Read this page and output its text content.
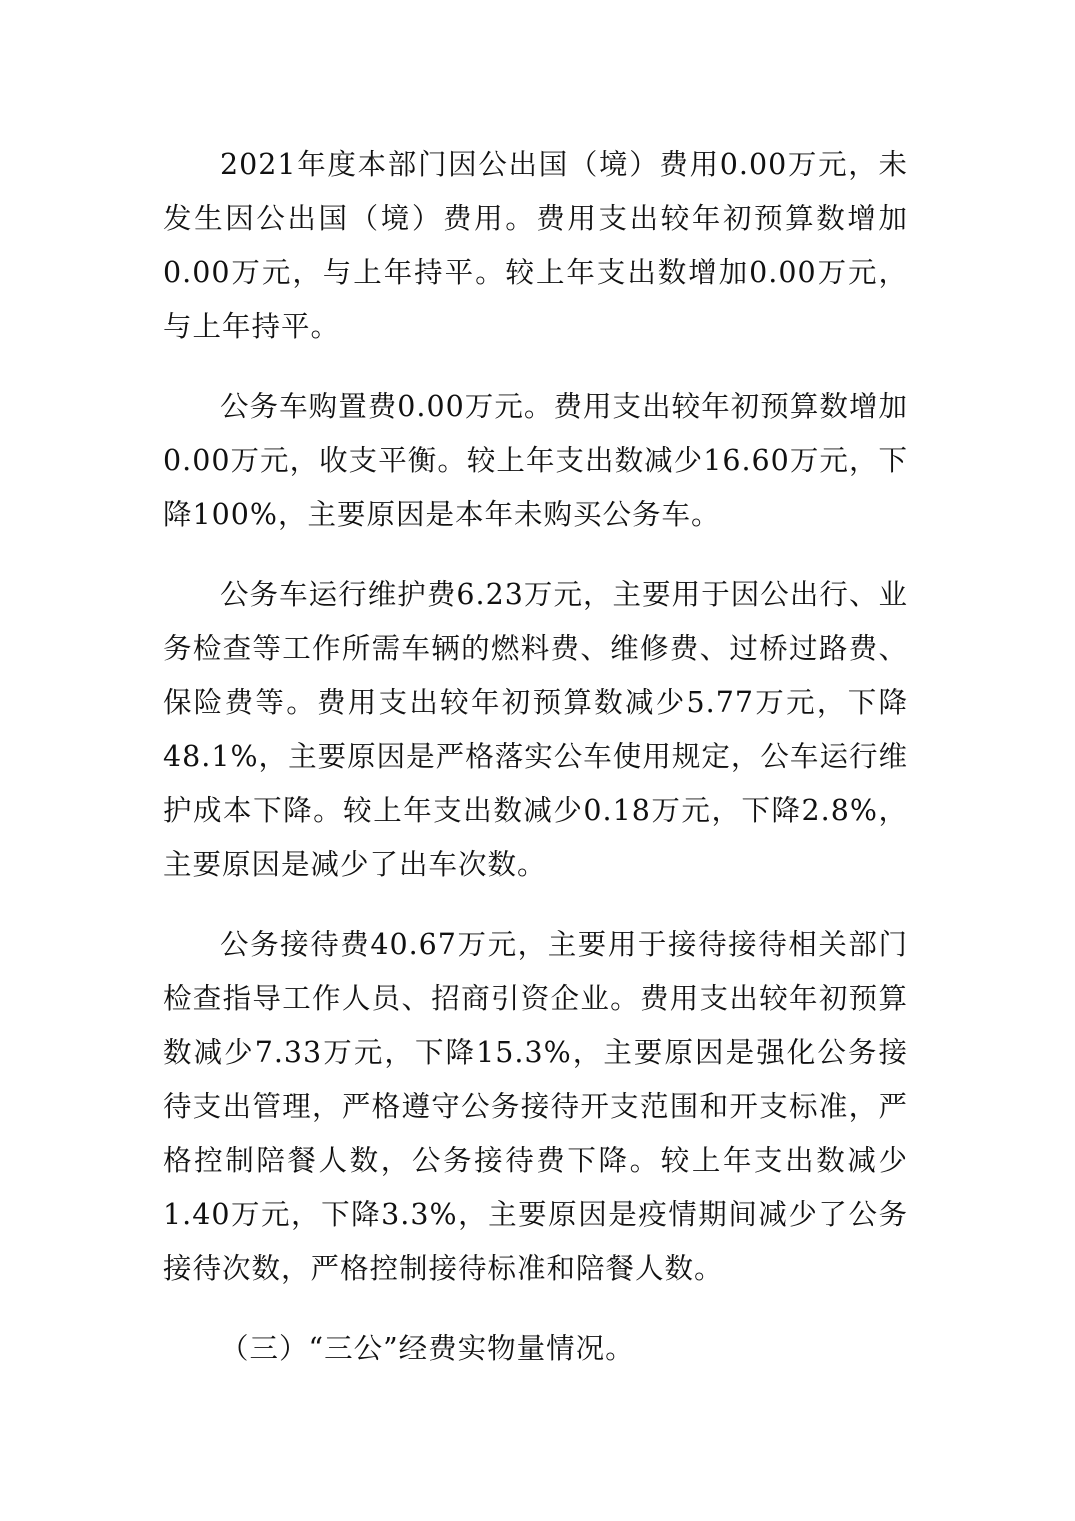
2021年度本部门因公出国（境）费用0.00万元，未发生因公出国（境）费用。费用支出较年初预算数增加0.00万元，与上年持平。较上年支出数增加0.00万元，与上年持平。

公务车购置费0.00万元。费用支出较年初预算数增加0.00万元，收支平衡。较上年支出数减少16.60万元，下降100%，主要原因是本年未购买公务车。

公务车运行维护费6.23万元，主要用于因公出行、业务检查等工作所需车辆的燃料费、维修费、过桥过路费、保险费等。费用支出较年初预算数减少5.77万元，下降48.1%，主要原因是严格落实公车使用规定，公车运行维护成本下降。较上年支出数减少0.18万元，下降2.8%，主要原因是减少了出车次数。

公务接待费40.67万元，主要用于接待接待相关部门检查指导工作人员、招商引资企业。费用支出较年初预算数减少7.33万元，下降15.3%，主要原因是强化公务接待支出管理，严格遵守公务接待开支范围和开支标准，严格控制陪餐人数，公务接待费下降。较上年支出数减少1.40万元，下降3.3%，主要原因是疫情期间减少了公务接待次数，严格控制接待标准和陪餐人数。

（三）“三公”经费实物量情况。
